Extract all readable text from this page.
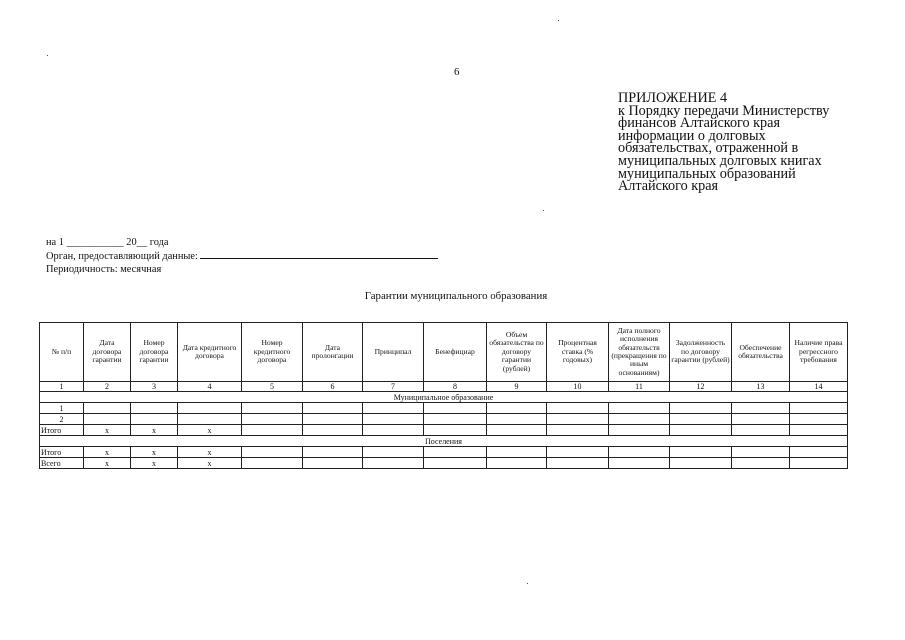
6
ПРИЛОЖЕНИЕ 4
к Порядку передачи Министерству
финансов Алтайского края
информации о долговых
обязательствах, отраженной в
муниципальных долговых книгах
муниципальных образований
Алтайского края
на 1 ___________ 20__ года
Орган, предоставляющий данные:
Периодичность: месячная
Гарантии муниципального образования
№ п/п	Дата договора гарантии	Номер договора гарантии	Дата кредитного договора	Номер кредитного договора	Дата пролонгации	Принципал	Бенефициар	Объем обязательства по договору гарантии (рублей)	Процентная ставка (% годовых)	Дата полного исполнения обязательств (прекращения по иным основаниям)	Задолженность по договору гарантии (рублей)	Обеспечение обязательства	Наличие права регрессного требования
1	2	3	4	5	6	7	8	9	10	11	12	13	14
Муниципальное образование													
1													
2													
Итого	x	x	x										
Поселения													
Итого	x	x	x										
Всего	x	x	x										
